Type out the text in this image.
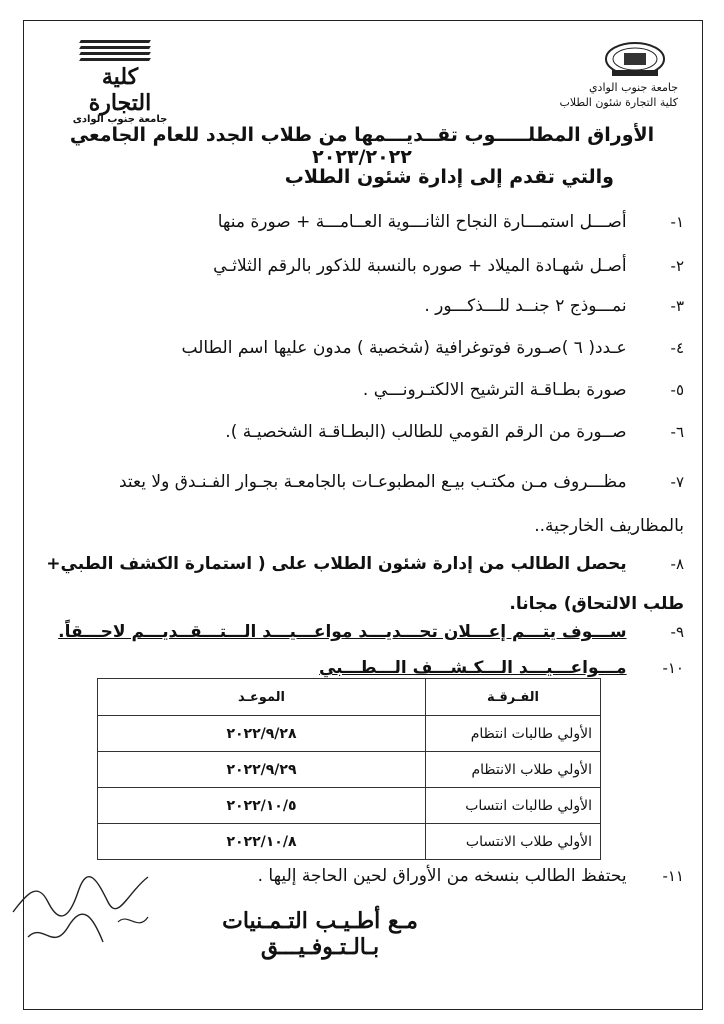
كلية التجارة
جامعة جنوب الوادى
جامعة جنوب الوادي
كلية التجارة شئون الطلاب
الأوراق المطلـــــوب تقــديـــمها من طلاب الجدد للعام الجامعي ٢٠٢٣/٢٠٢٢
والتي تقدم إلى إدارة شئون الطلاب
١- أصـــل استمـــارة النجاح الثانـــوية العــامـــة + صورة منها
٢- أصـل شهـادة الميلاد + صوره بالنسبة للذكور بالرقم الثلاثـي
٣- نمـــوذج ٢ جنــد للـــذكـــور .
٤- عـدد( ٦ )صـورة فوتوغرافية (شخصية ) مدون عليها اسم الطالب
٥- صورة بطـاقـة الترشيح الالكتـرونـــي .
٦- صــورة من الرقم القومي للطالب (البطـاقـة الشخصيـة ).
٧- مظـــروف مـن مكتـب بيـع المطبوعـات بالجامعـة بجـوار الفـنـدق ولا يعتد
بالمظاريف الخارجية..
٨- يحصل الطالب من إدارة شئون الطلاب على ( استمارة الكشف الطبي+
طلب الالتحاق) مجانا.
٩- ســـوف يتـــم إعـــلان تحـــديـــد مواعـــيـــد الـــتـــقــديـــم لاحـــقاً.
١٠- مـــواعـــيـــد الـــكـشـــف الـــطـــبي
الفـرقـة	الموعـد
الأولي طالبات انتظام	٢٠٢٢/٩/٢٨
الأولي طلاب الانتظام	٢٠٢٢/٩/٢٩
الأولي طالبات انتساب	٢٠٢٢/١٠/٥
الأولي طلاب الانتساب	٢٠٢٢/١٠/٨
١١- يحتفظ الطالب بنسخه من الأوراق لحين الحاجة إليها .
مـع أطـيـب التـمـنيات بـالـتـوفـيـــق
